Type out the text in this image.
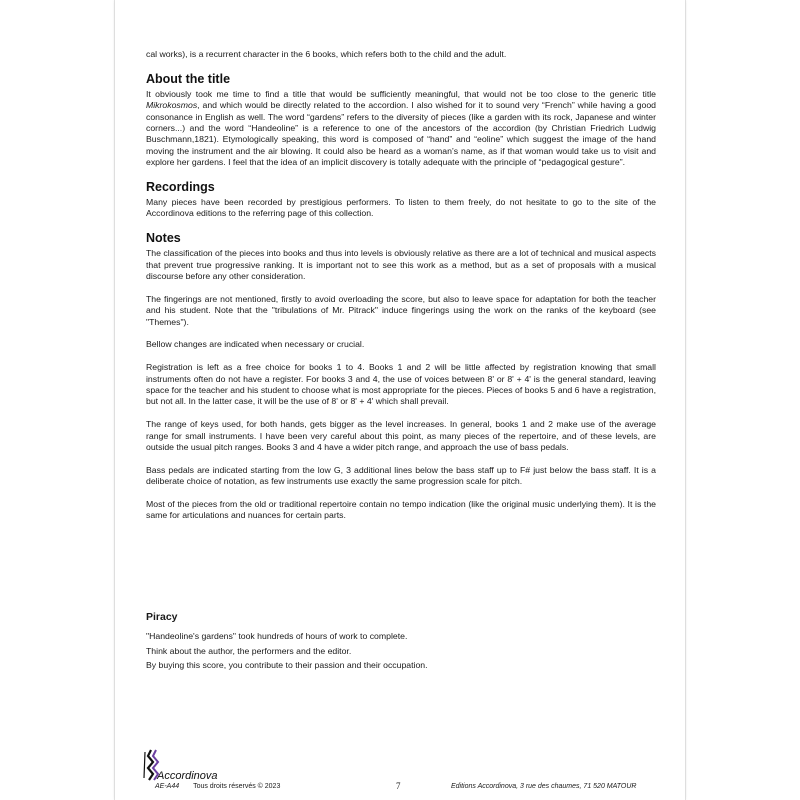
cal works), is a recurrent character in the 6 books, which refers both to the child and the adult.

About the title

It obviously took me time to find a title that would be sufficiently meaningful, that would not be too close to the generic title Mikrokosmos, and which would be directly related to the accordion. I also wished for it to sound very “French” while having a good consonance in English as well. The word “gardens” refers to the diversity of pieces (like a garden with its rock, Japanese and winter corners...) and the word “Handeoline” is a reference to one of the ancestors of the accordion (by Christian Friedrich Ludwig Buschmann,1821). Etymologically speaking, this word is composed of “hand” and “eoline” which suggest the image of the hand moving the instrument and the air blowing. It could also be heard as a woman’s name, as if that woman would take us to visit and explore her gardens. I feel that the idea of an implicit discovery is totally adequate with the principle of “pedagogical gesture”.

Recordings

Many pieces have been recorded by prestigious performers. To listen to them freely, do not hesitate to go to the site of the Accordinova editions to the referring page of this collection.

Notes

The classification of the pieces into books and thus into levels is obviously relative as there are a lot of technical and musical aspects that prevent true progressive ranking. It is important not to see this work as a method, but as a set of proposals with a musical discourse before any other consideration.

The fingerings are not mentioned, firstly to avoid overloading the score, but also to leave space for adaptation for both the teacher and his student. Note that the "tribulations of Mr. Pitrack" induce fingerings using the work on the ranks of the keyboard (see "Themes").

Bellow changes are indicated when necessary or crucial.

Registration is left as a free choice for books 1 to 4. Books 1 and 2 will be little affected by registration knowing that small instruments often do not have a register. For books 3 and 4, the use of voices between 8' or 8' + 4' is the general standard, leaving space for the teacher and his student to choose what is most appropriate for the pieces. Pieces of books 5 and 6 have a registration, but not all. In the latter case, it will be the use of 8' or 8' + 4' which shall prevail.

The range of keys used, for both hands, gets bigger as the level increases. In general, books 1 and 2 make use of the average range for small instruments. I have been very careful about this point, as many pieces of the repertoire, and of these levels, are outside the usual pitch ranges. Books 3 and 4 have a wider pitch range, and approach the use of bass pedals.

Bass pedals are indicated starting from the low G, 3 additional lines below the bass staff up to F# just below the bass staff. It is a deliberate choice of notation, as few instruments use exactly the same progression scale for pitch.

Most of the pieces from the old or traditional repertoire contain no tempo indication (like the original music underlying them). It is the same for articulations and nuances for certain parts.

Piracy
"Handeoline's gardens" took hundreds of hours of work to complete.
Think about the author, the performers and the editor.
By buying this score, you contribute to their passion and their occupation.
Accordinova
AE-A44 Tous droits réservés © 2023	7	Editions Accordinova, 3 rue des chaumes, 71 520 MATOUR
